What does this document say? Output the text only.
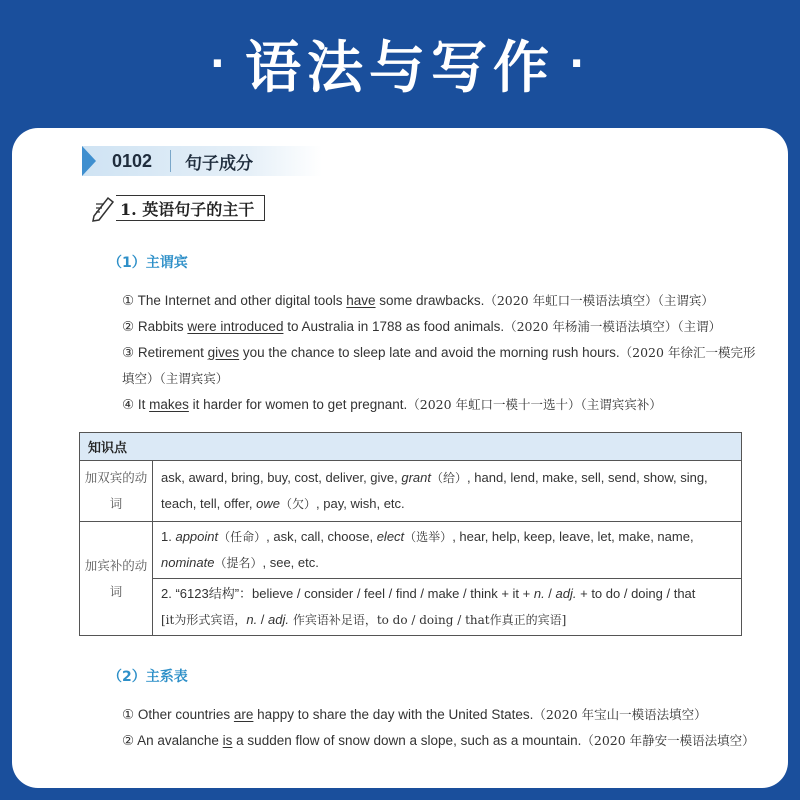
· 语法与写作 ·
0102 句子成分
1. 英语句子的主干
（1）主谓宾
① The Internet and other digital tools have some drawbacks.（2020 年虹口一模语法填空）（主谓宾）
② Rabbits were introduced to Australia in 1788 as food animals.（2020 年杨浦一模语法填空）（主谓）
③ Retirement gives you the chance to sleep late and avoid the morning rush hours.（2020 年徐汇一模完形填空）（主谓宾宾）
④ It makes it harder for women to get pregnant.（2020 年虹口一模十一选十）（主谓宾宾补）
知识点	
加双宾的动词	ask, award, bring, buy, cost, deliver, give, grant（给）, hand, lend, make, sell, send, show, sing, teach, tell, offer, owe（欠）, pay, wish, etc.
加宾补的动词	1. appoint（任命）, ask, call, choose, elect（选举）, hear, help, keep, leave, let, make, name, nominate（提名）, see, etc.
	2. “6123结构”：believe / consider / feel / find / make / think + it + n. / adj. + to do / doing / that
[it为形式宾语，n. / adj. 作宾语补足语，to do / doing / that作真正的宾语]
（2）主系表
① Other countries are happy to share the day with the United States.（2020 年宝山一模语法填空）
② An avalanche is a sudden flow of snow down a slope, such as a mountain.（2020 年静安一模语法填空）
